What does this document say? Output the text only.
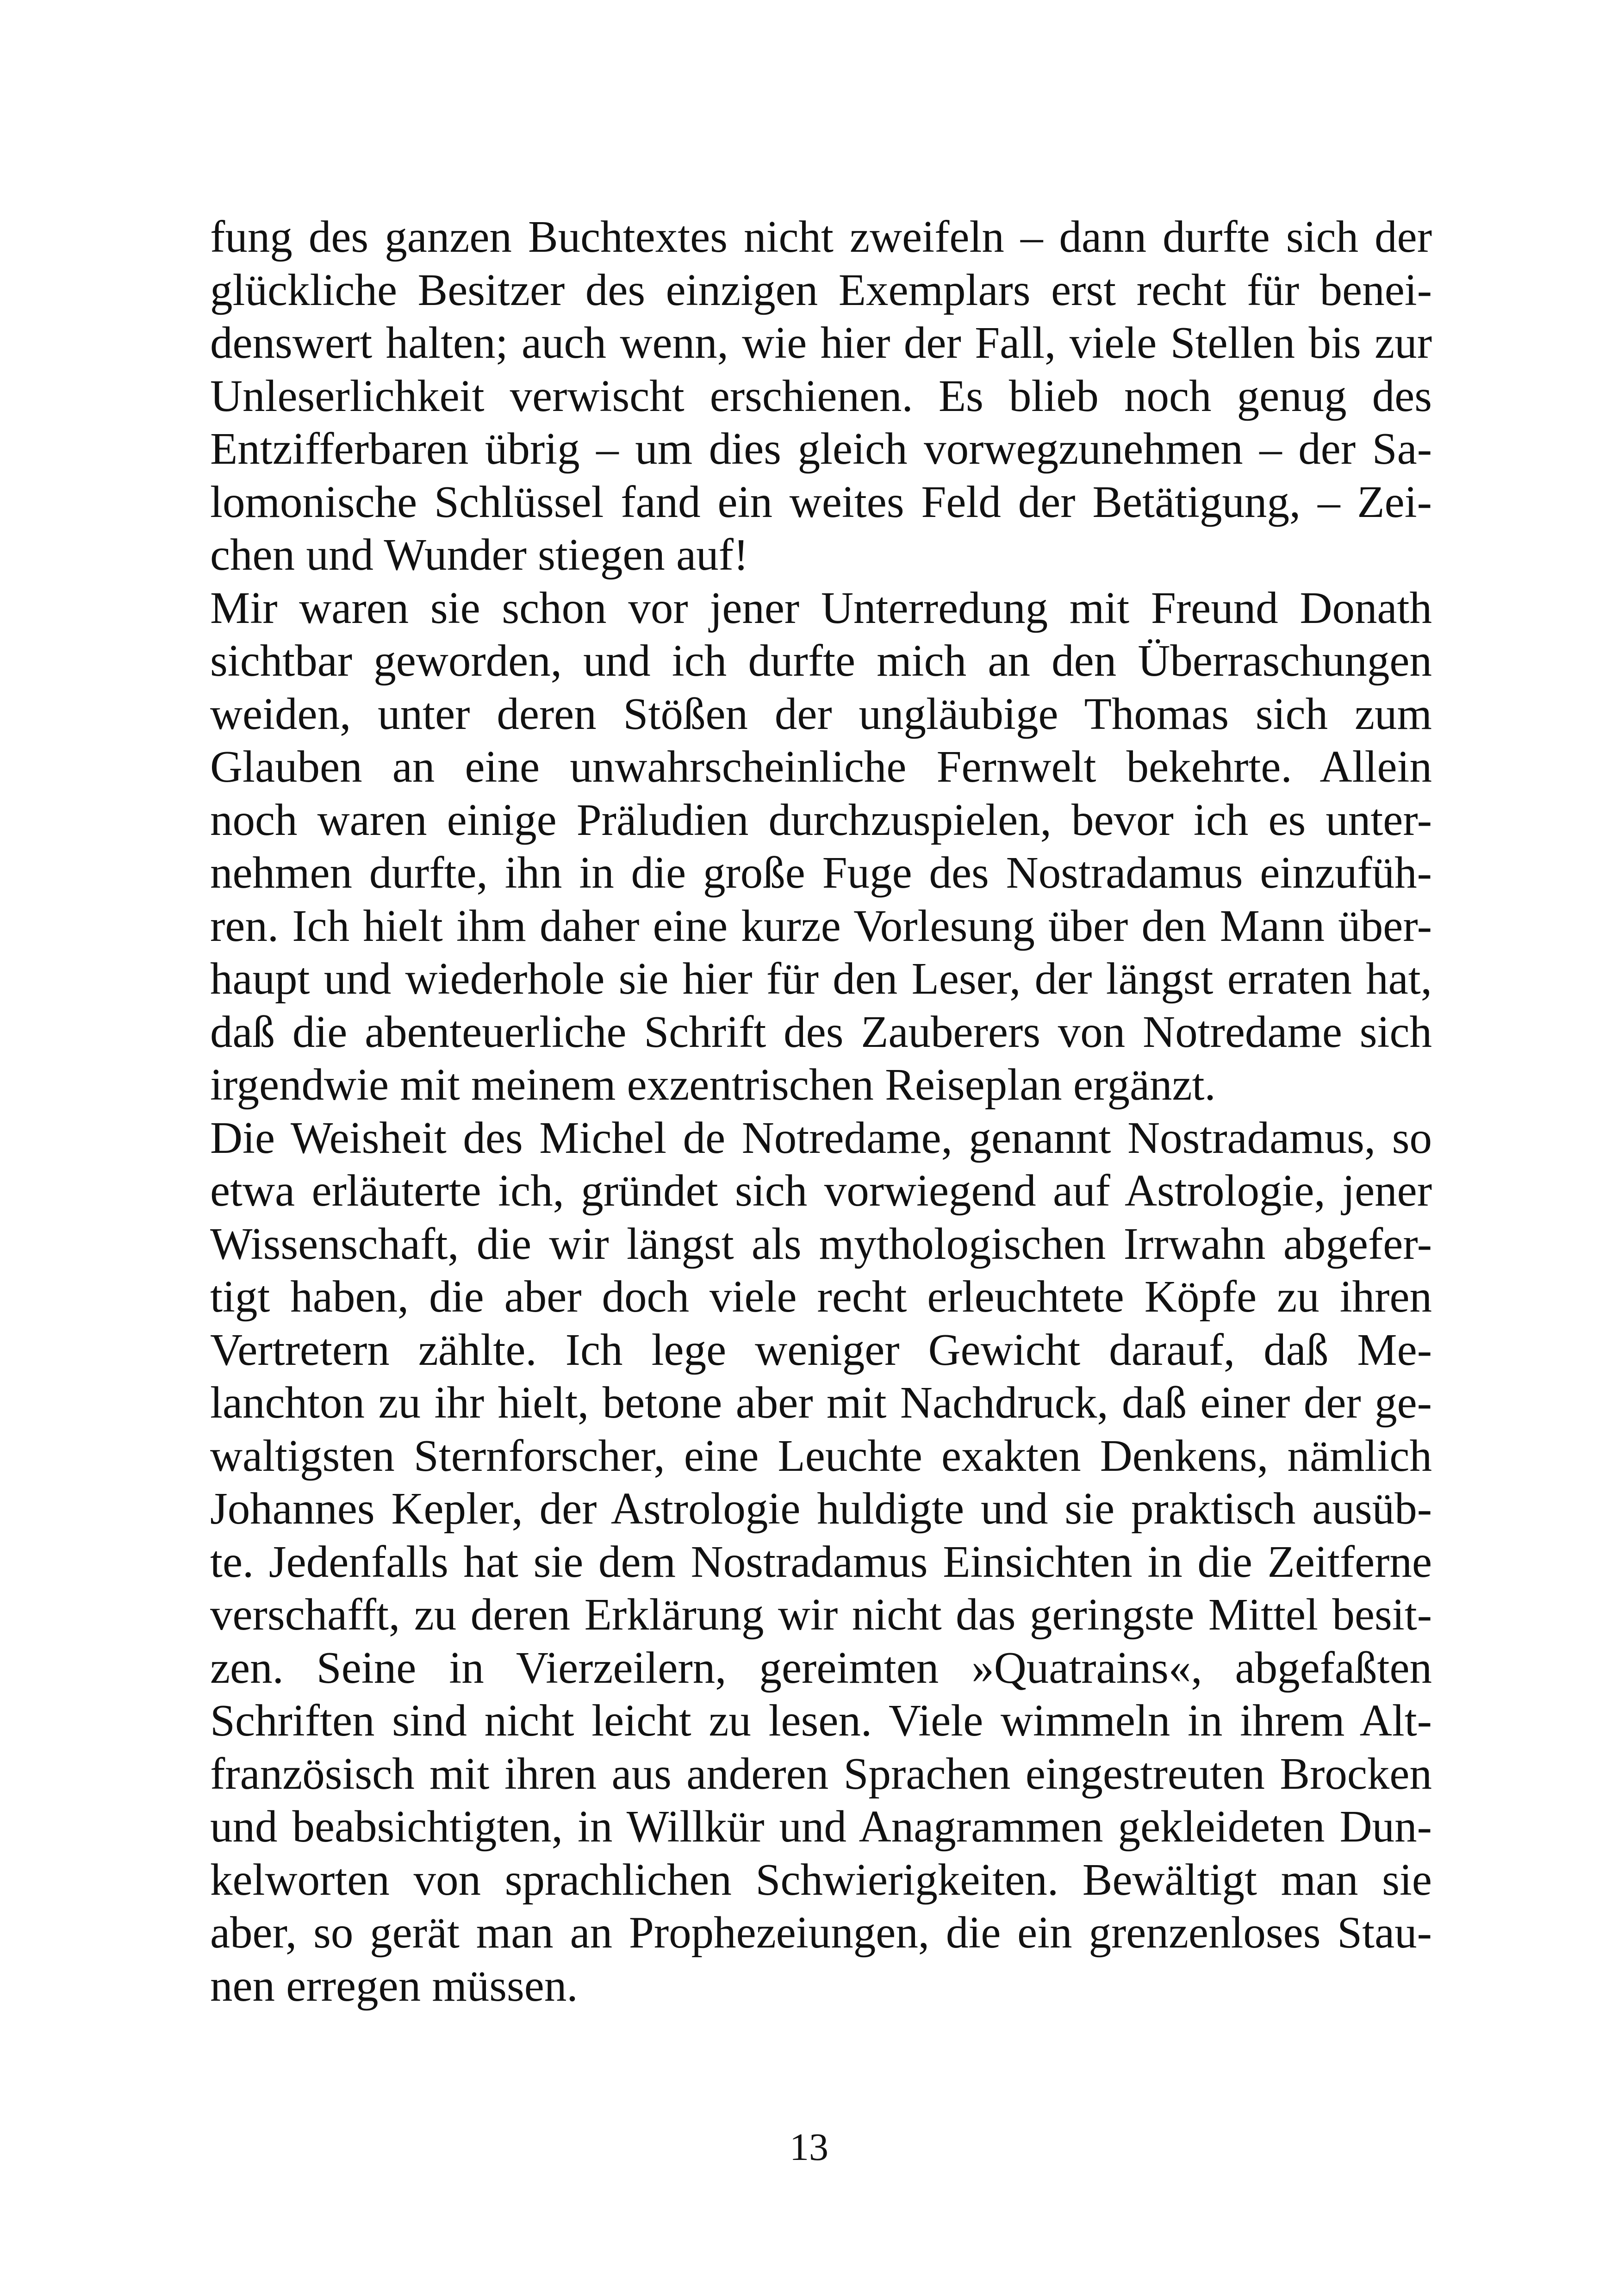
fung des ganzen Buchtextes nicht zweifeln – dann durfte sich der
glückliche Besitzer des einzigen Exemplars erst recht für benei-
denswert halten; auch wenn, wie hier der Fall, viele Stellen bis zur
Unleserlichkeit verwischt erschienen. Es blieb noch genug des
Entzifferbaren übrig – um dies gleich vorwegzunehmen – der Sa-
lomonische Schlüssel fand ein weites Feld der Betätigung, – Zei-
chen und Wunder stiegen auf!
Mir waren sie schon vor jener Unterredung mit Freund Donath
sichtbar geworden, und ich durfte mich an den Überraschungen
weiden, unter deren Stößen der ungläubige Thomas sich zum
Glauben an eine unwahrscheinliche Fernwelt bekehrte. Allein
noch waren einige Präludien durchzuspielen, bevor ich es unter-
nehmen durfte, ihn in die große Fuge des Nostradamus einzufüh-
ren. Ich hielt ihm daher eine kurze Vorlesung über den Mann über-
haupt und wiederhole sie hier für den Leser, der längst erraten hat,
daß die abenteuerliche Schrift des Zauberers von Notredame sich
irgendwie mit meinem exzentrischen Reiseplan ergänzt.
Die Weisheit des Michel de Notredame, genannt Nostradamus, so
etwa erläuterte ich, gründet sich vorwiegend auf Astrologie, jener
Wissenschaft, die wir längst als mythologischen Irrwahn abgefer-
tigt haben, die aber doch viele recht erleuchtete Köpfe zu ihren
Vertretern zählte. Ich lege weniger Gewicht darauf, daß Me-
lanchton zu ihr hielt, betone aber mit Nachdruck, daß einer der ge-
waltigsten Sternforscher, eine Leuchte exakten Denkens, nämlich
Johannes Kepler, der Astrologie huldigte und sie praktisch ausüb-
te. Jedenfalls hat sie dem Nostradamus Einsichten in die Zeitferne
verschafft, zu deren Erklärung wir nicht das geringste Mittel besit-
zen. Seine in Vierzeilern, gereimten »Quatrains«, abgefaßten
Schriften sind nicht leicht zu lesen. Viele wimmeln in ihrem Alt-
französisch mit ihren aus anderen Sprachen eingestreuten Brocken
und beabsichtigten, in Willkür und Anagrammen gekleideten Dun-
kelworten von sprachlichen Schwierigkeiten. Bewältigt man sie
aber, so gerät man an Prophezeiungen, die ein grenzenloses Stau-
nen erregen müssen.
13
